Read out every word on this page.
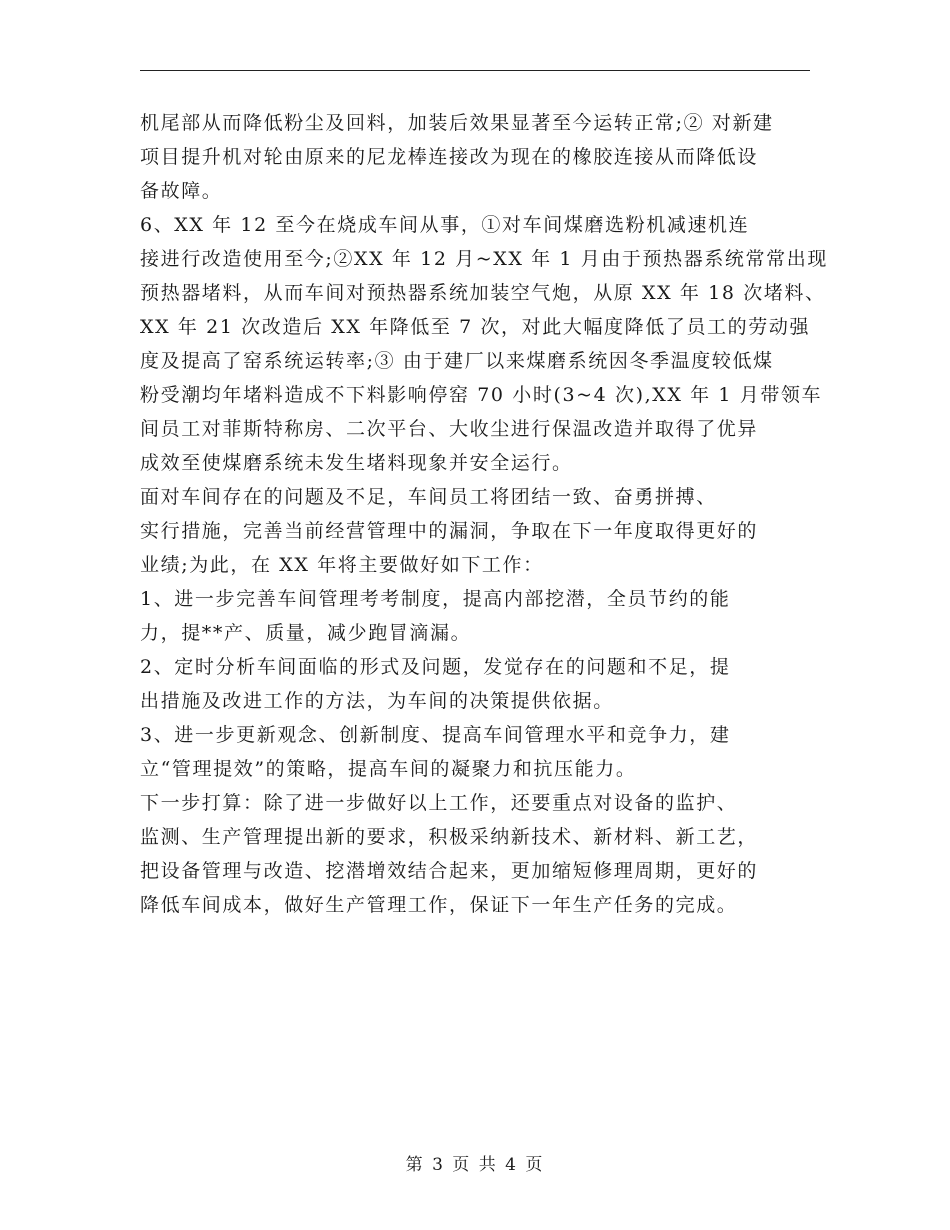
机尾部从而降低粉尘及回料，加装后效果显著至今运转正常;② 对新建
项目提升机对轮由原来的尼龙棒连接改为现在的橡胶连接从而降低设
备故障。
6、XX 年 12 至今在烧成车间从事，①对车间煤磨选粉机减速机连
接进行改造使用至今;②XX 年 12 月~XX 年 1 月由于预热器系统常常出现
预热器堵料，从而车间对预热器系统加装空气炮，从原 XX 年 18 次堵料、
XX 年 21 次改造后 XX 年降低至 7 次，对此大幅度降低了员工的劳动强
度及提高了窑系统运转率;③ 由于建厂以来煤磨系统因冬季温度较低煤
粉受潮均年堵料造成不下料影响停窑 70 小时(3~4 次),XX 年 1 月带领车
间员工对菲斯特称房、二次平台、大收尘进行保温改造并取得了优异
成效至使煤磨系统未发生堵料现象并安全运行。
面对车间存在的问题及不足，车间员工将团结一致、奋勇拼搏、
实行措施，完善当前经营管理中的漏洞，争取在下一年度取得更好的
业绩;为此，在 XX 年将主要做好如下工作：
1、进一步完善车间管理考考制度，提高内部挖潜，全员节约的能
力，提**产、质量，减少跑冒滴漏。
2、定时分析车间面临的形式及问题，发觉存在的问题和不足，提
出措施及改进工作的方法，为车间的决策提供依据。
3、进一步更新观念、创新制度、提高车间管理水平和竞争力，建
立“管理提效”的策略，提高车间的凝聚力和抗压能力。
下一步打算：除了进一步做好以上工作，还要重点对设备的监护、
监测、生产管理提出新的要求，积极采纳新技术、新材料、新工艺，
把设备管理与改造、挖潜增效结合起来，更加缩短修理周期，更好的
降低车间成本，做好生产管理工作，保证下一年生产任务的完成。
第 3 页 共 4 页
